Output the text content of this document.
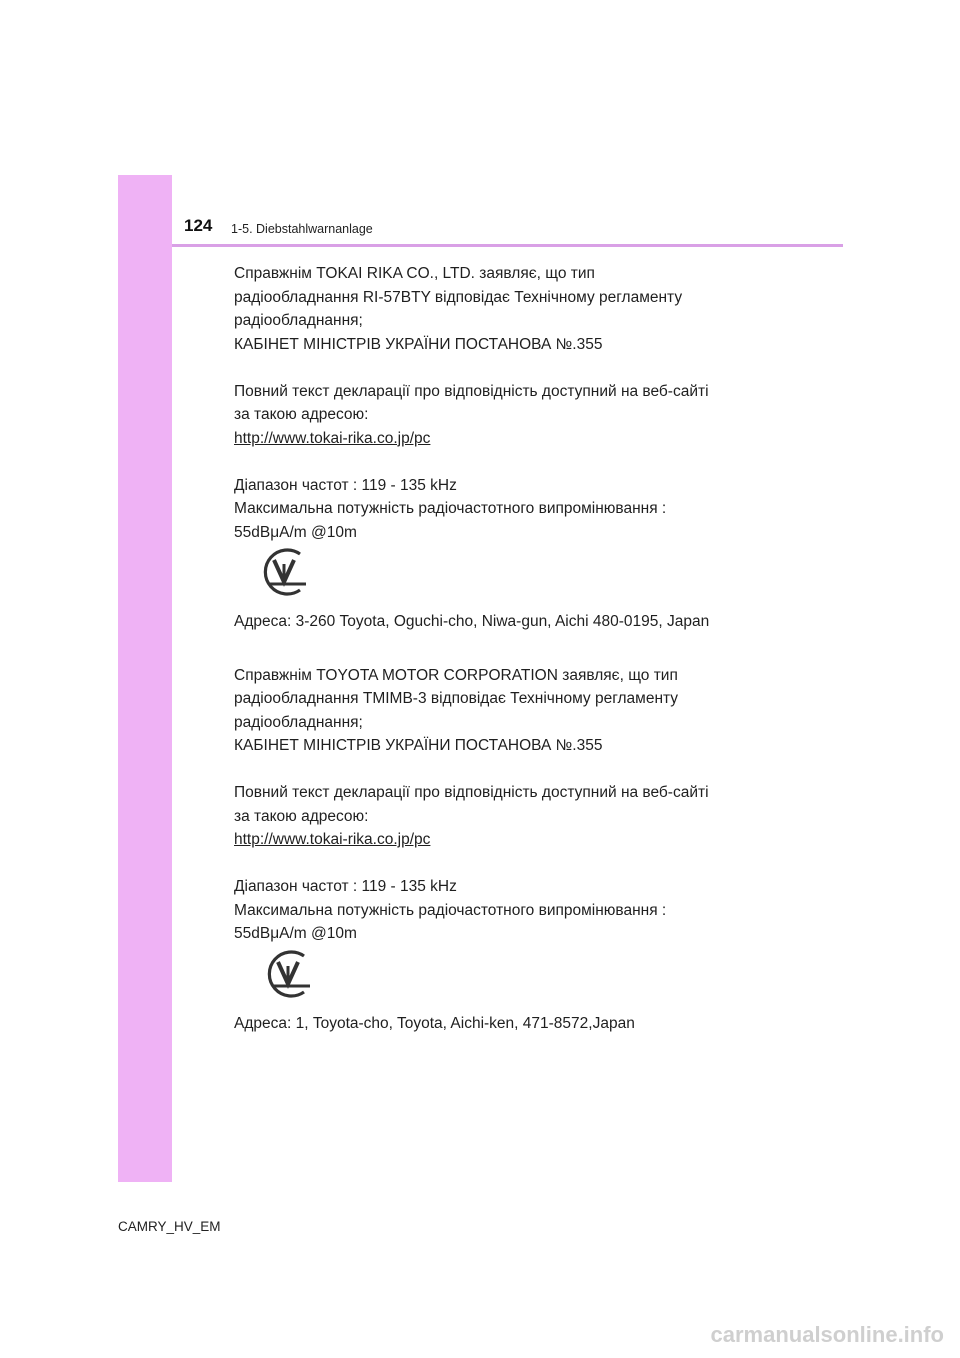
124 1-5. Diebstahlwarnanlage

Справжнім TOKAI RIKA CO., LTD. заявляє, що тип

радіообладнання RI-57BTY відповідає Технічному регламенту

радіообладнання;

КАБІНЕТ МІНІСТРІВ УКРАЇНИ ПОСТАНОВА №.355

Повний текст декларації про відповідність доступний на веб-сайті

за такою адресою:

http://www.tokai-rika.co.jp/pc

Діапазон частот : 119 - 135 kHz

Максимальна потужність радіочастотного випромінювання :

55dBμA/m @10m

Адреса: 3-260 Toyota, Oguchi-cho, Niwa-gun, Aichi 480-0195, Japan

Справжнім TOYOTA MOTOR CORPORATION заявляє, що тип

радіообладнання TMIMB-3 відповідає Технічному регламенту

радіообладнання;

КАБІНЕТ МІНІСТРІВ УКРАЇНИ ПОСТАНОВА №.355

Повний текст декларації про відповідність доступний на веб-сайті

за такою адресою:

http://www.tokai-rika.co.jp/pc

Діапазон частот : 119 - 135 kHz

Максимальна потужність радіочастотного випромінювання :

55dBμA/m @10m

Адреса: 1, Toyota-cho, Toyota, Aichi-ken, 471-8572,Japan

CAMRY_HV_EM
carmanualsonline.info
